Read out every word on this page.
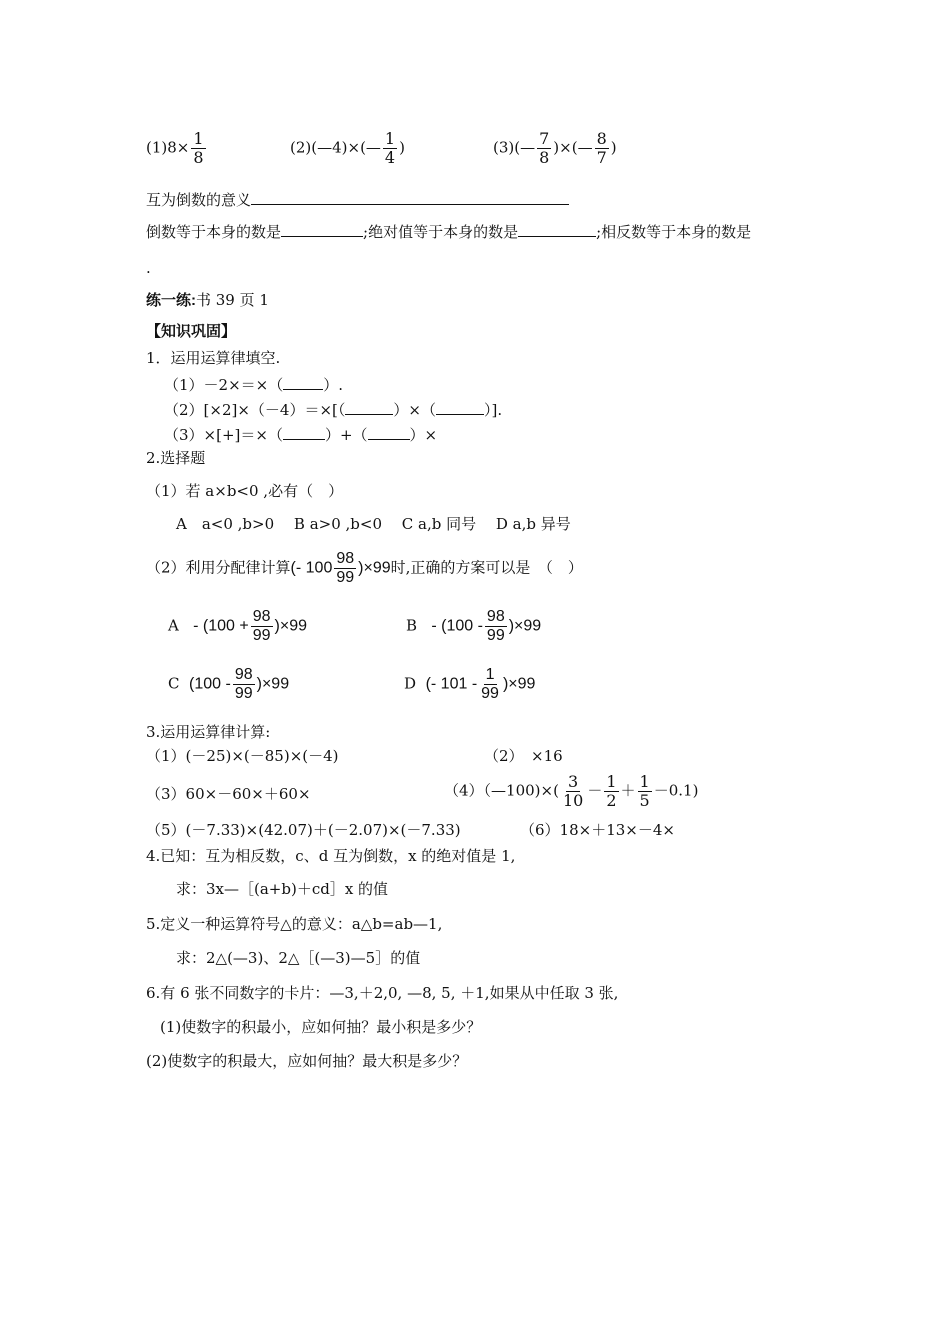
$(1)8\times \frac{1}{8}$	(2)(—4)×(— $\frac{1}{4}$ )	(3)(— $\frac{7}{8}$ )×(— $\frac{8}{7}$ )
互为倒数的意义
倒数等于本身的数是	;绝对值等于本身的数是	;相反数等于本身的数是
.
练一练:书 39 页 1
【知识巩固】
1．运用运算律填空.
（1）－2×＝×（	）.
（2）[×2]×（－4）＝×[（	）×（	）].
（3）×[+]＝×（	）+（	）×
2.选择题
（1）若 a×b<0 ,必有（　）
A　a<0 ,b>0　 B a>0 ,b<0　 C a,b 同号　 D a,b 异号
（2）利用分配律计算(- $100 \frac{98}{99} )\times 99$时,正确的方案可以是　（　）
$A - (100 + \frac{98}{99} )\times 99$	$B - (100 - \frac{98}{99} )\times 99$
C $(100 - \frac{98}{99} )\times 99$	D (- $101 - \frac{1}{99} )\times 99$
3.运用运算律计算:
（1）(－25)×(－85)×(－4)	（2）　×16
（3）60×－60×＋60×	（4）（—100)×( $\frac{3}{10} - \frac{1}{2} + \frac{1}{5} -0.1$)
（5）(－7.33)×(42.07)＋(－2.07)×(－7.33)	（6）18×＋13×－4×
4.已知：互为相反数，c、d 互为倒数，x 的绝对值是 1,
求：3x—［(a+b)＋cd］x 的值
5.定义一种运算符号△的意义：a△b=ab—1,
求：2△(—3)、2△［(—3)—5］的值
6.有 6 张不同数字的卡片：—3,＋2,0, —8, 5, ＋1,如果从中任取 3 张,
(1)使数字的积最小，应如何抽？最小积是多少？
(2)使数字的积最大，应如何抽？最大积是多少？
